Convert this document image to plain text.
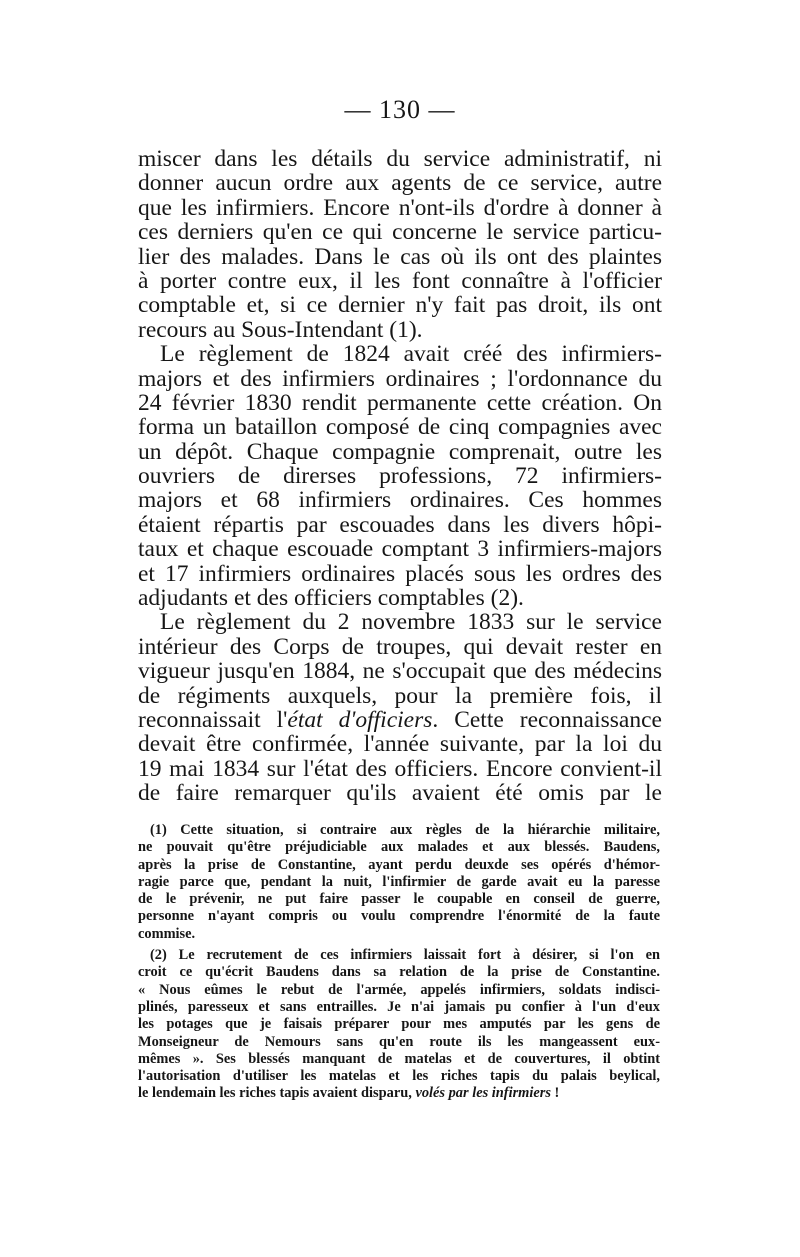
— 130 —
miscer dans les détails du service administratif, ni
donner aucun ordre aux agents de ce service, autre
que les infirmiers. Encore n'ont-ils d'ordre à donner à
ces derniers qu'en ce qui concerne le service particu-
lier des malades. Dans le cas où ils ont des plaintes
à porter contre eux, il les font connaître à l'officier
comptable et, si ce dernier n'y fait pas droit, ils ont
recours au Sous-Intendant (1).
Le règlement de 1824 avait créé des infirmiers-
majors et des infirmiers ordinaires ; l'ordonnance du
24 février 1830 rendit permanente cette création. On
forma un bataillon composé de cinq compagnies avec
un dépôt. Chaque compagnie comprenait, outre les
ouvriers de direrses professions, 72 infirmiers-
majors et 68 infirmiers ordinaires. Ces hommes
étaient répartis par escouades dans les divers hôpi-
taux et chaque escouade comptant 3 infirmiers-majors
et 17 infirmiers ordinaires placés sous les ordres des
adjudants et des officiers comptables (2).
Le règlement du 2 novembre 1833 sur le service
intérieur des Corps de troupes, qui devait rester en
vigueur jusqu'en 1884, ne s'occupait que des médecins
de régiments auxquels, pour la première fois, il
reconnaissait l'état d'officiers. Cette reconnaissance
devait être confirmée, l'année suivante, par la loi du
19 mai 1834 sur l'état des officiers. Encore convient-il
de faire remarquer qu'ils avaient été omis par le
(1) Cette situation, si contraire aux règles de la hiérarchie militaire,
ne pouvait qu'être préjudiciable aux malades et aux blessés. Baudens,
après la prise de Constantine, ayant perdu deuxde ses opérés d'hémor-
ragie parce que, pendant la nuit, l'infirmier de garde avait eu la paresse
de le prévenir, ne put faire passer le coupable en conseil de guerre,
personne n'ayant compris ou voulu comprendre l'énormité de la faute
commise.
(2) Le recrutement de ces infirmiers laissait fort à désirer, si l'on en
croit ce qu'écrit Baudens dans sa relation de la prise de Constantine.
« Nous eûmes le rebut de l'armée, appelés infirmiers, soldats indisci-
plinés, paresseux et sans entrailles. Je n'ai jamais pu confier à l'un d'eux
les potages que je faisais préparer pour mes amputés par les gens de
Monseigneur de Nemours sans qu'en route ils les mangeassent eux-
mêmes ». Ses blessés manquant de matelas et de couvertures, il obtint
l'autorisation d'utiliser les matelas et les riches tapis du palais beylical,
le lendemain les riches tapis avaient disparu, volés par les infirmiers !
